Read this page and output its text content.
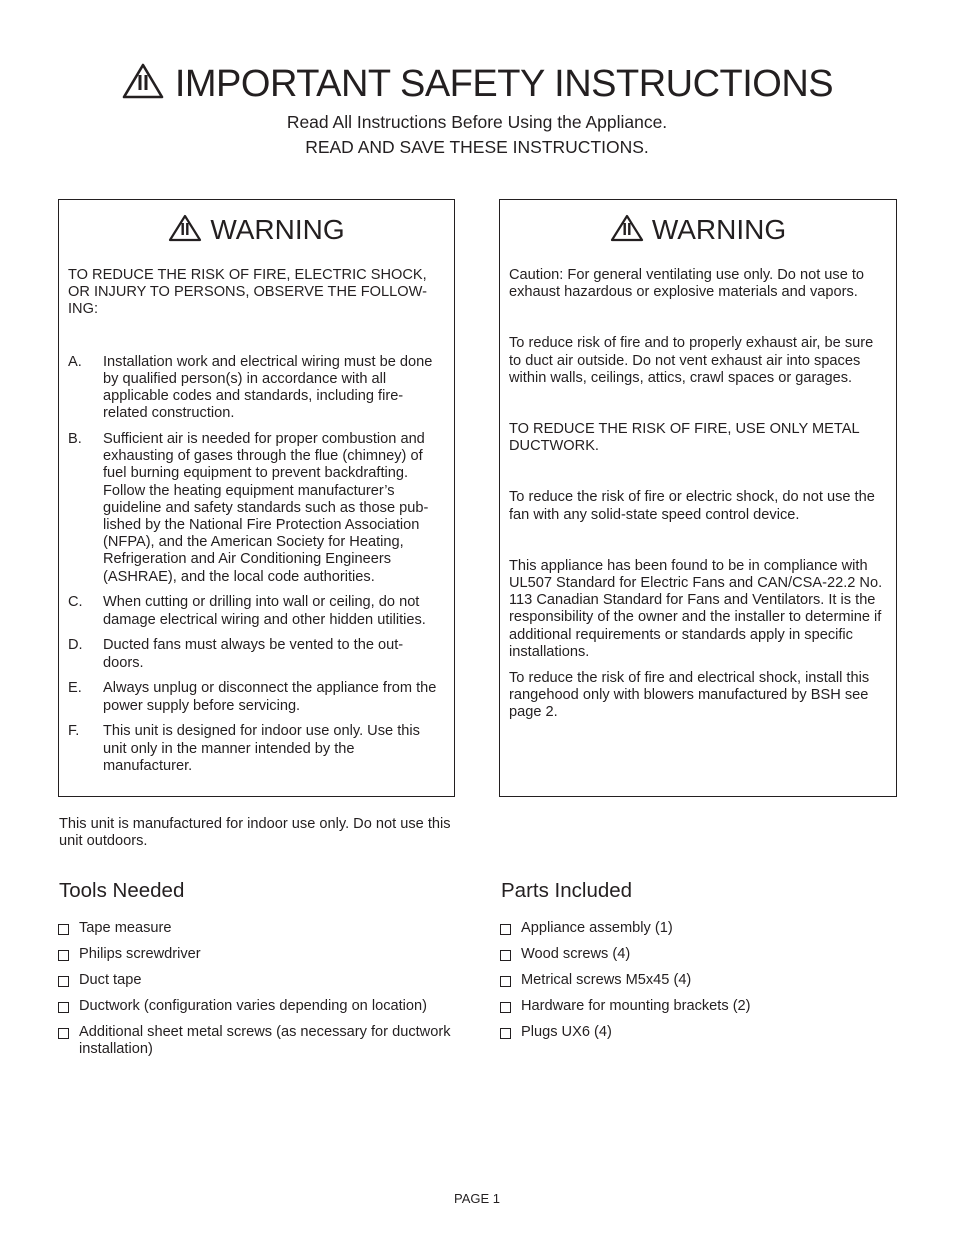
IMPORTANT SAFETY INSTRUCTIONS
Read All Instructions Before Using the Appliance.
READ AND SAVE THESE INSTRUCTIONS.
WARNING
TO REDUCE THE RISK OF FIRE, ELECTRIC SHOCK, OR INJURY TO PERSONS, OBSERVE THE FOLLOW- ING:
A.	Installation work and electrical wiring must be done by qualified person(s) in accordance with all applicable codes and standards, including fire-related construction.
B.	Sufficient air is needed for proper combustion and exhausting of gases through the flue (chimney) of fuel burning equipment to prevent backdrafting. Follow the heating equipment manufacturer’s guideline and safety standards such as those pub- lished by the National Fire Protection Association (NFPA), and the American Society for Heating, Refrigeration and Air Conditioning Engineers (ASHRAE), and the local code authorities.
C.	When cutting or drilling into wall or ceiling, do not damage electrical wiring and other hidden utilities.
D.	Ducted fans must always be vented to the out- doors.
E.	Always unplug or disconnect the appliance from the power supply before servicing.
F.	This unit is designed for indoor use only. Use this unit only in the manner intended by the manufacturer.
WARNING

Caution: For general ventilating use only. Do not use to exhaust hazardous or explosive materials and vapors.

To reduce risk of fire and to properly exhaust air, be sure to duct air outside. Do not vent exhaust air into spaces within walls, ceilings, attics, crawl spaces or garages.

TO REDUCE THE RISK OF FIRE, USE ONLY METAL DUCTWORK.

To reduce the risk of fire or electric shock, do not use the fan with any solid-state speed control device.

This appliance has been found to be in compliance with UL507 Standard for Electric Fans and CAN/CSA-22.2 No. 113 Canadian Standard for Fans and Ventilators. It is the responsibility of the owner and the installer to determine if additional requirements or standards apply in specific installations.

To reduce the risk of fire and electrical shock, install this rangehood only with blowers manufactured by BSH see page 2.

This unit is manufactured for indoor use only. Do not use this unit outdoors.
Tools Needed
Tape measure
Philips screwdriver
Duct tape
Ductwork (configuration varies depending on location)
Additional sheet metal screws (as necessary for ductwork installation)
Parts Included
Appliance assembly (1)
Wood screws (4)
Metrical screws M5x45 (4)
Hardware for mounting brackets (2)
Plugs UX6 (4)
PAGE 1
